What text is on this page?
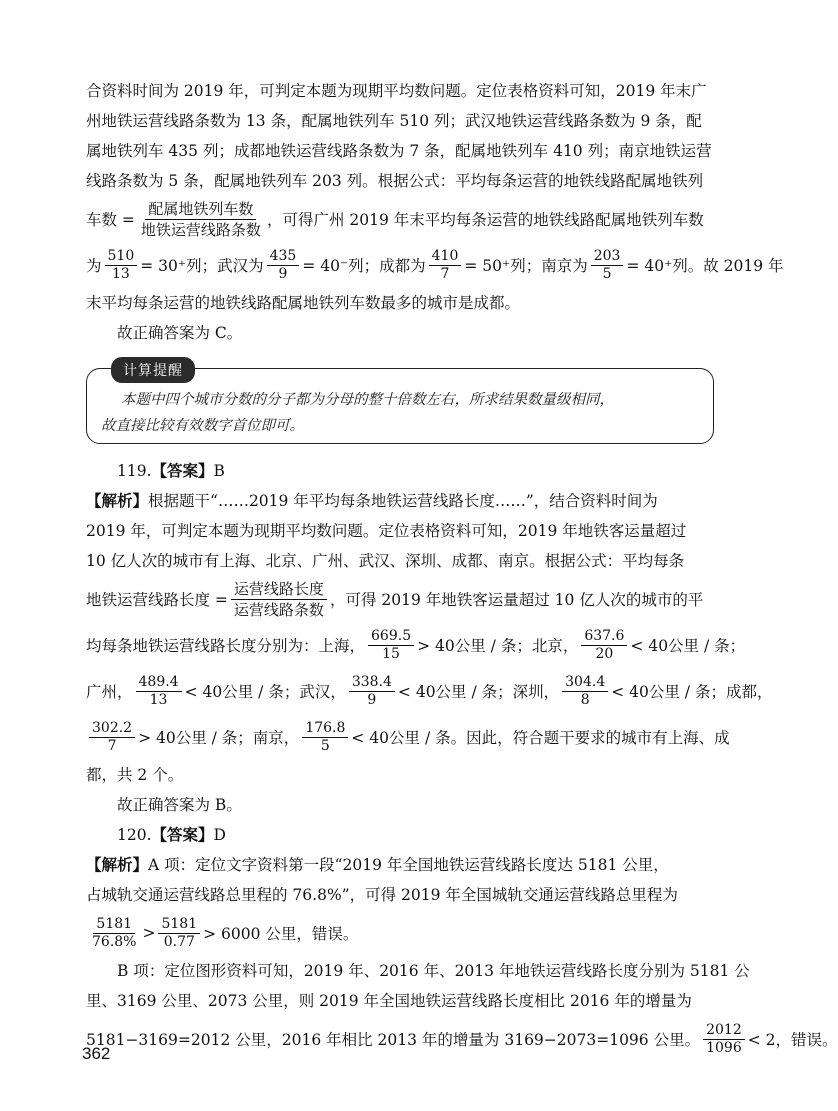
合资料时间为 2019 年，可判定本题为现期平均数问题。定位表格资料可知，2019 年末广
州地铁运营线路条数为 13 条，配属地铁列车 510 列；武汉地铁运营线路条数为 9 条，配
属地铁列车 435 列；成都地铁运营线路条数为 7 条，配属地铁列车 410 列；南京地铁运营
线路条数为 5 条，配属地铁列车 203 列。根据公式：平均每条运营的地铁线路配属地铁列
车数 = $\frac{\text{配属地铁列车数}}{\text{地铁运营线路条数}}$ ，可得广州 2019 年末平均每条运营的地铁线路配属地铁列车数
为 $\frac{510}{13} = 30^+$列；武汉为 $\frac{435}{9} = 40^-$列；成都为 $\frac{410}{7} = 50^+$列；南京为 $\frac{203}{5} = 40^+$列。故 2019 年
末平均每条运营的地铁线路配属地铁列车数最多的城市是成都。
故正确答案为 C。
计算提醒
本题中四个城市分数的分子都为分母的整十倍数左右，所求结果数量级相同，
故直接比较有效数字首位即可。
119.【答案】B
【解析】根据题干“……2019 年平均每条地铁运营线路长度……”，结合资料时间为
2019 年，可判定本题为现期平均数问题。定位表格资料可知，2019 年地铁客运量超过
10 亿人次的城市有上海、北京、广州、武汉、深圳、成都、南京。根据公式：平均每条
地铁运营线路长度 = $\frac{\text{运营线路长度}}{\text{运营线路条数}}$ ，可得 2019 年地铁客运量超过 10 亿人次的城市的平
均每条地铁运营线路长度分别为：上海， $\frac{669.5}{15} > 40$公里 / 条；北京， $\frac{637.6}{20} < 40$公里 / 条；
广州， $\frac{489.4}{13} < 40$公里 / 条；武汉， $\frac{338.4}{9} < 40$公里 / 条；深圳， $\frac{304.4}{8} < 40$公里 / 条；成都，
$\frac{302.2}{7} > 40$公里 / 条；南京， $\frac{176.8}{5} < 40$公里 / 条。因此，符合题干要求的城市有上海、成
都，共 2 个。
故正确答案为 B。
120.【答案】D
【解析】A 项：定位文字资料第一段“2019 年全国地铁运营线路长度达 5181 公里，
占城轨交通运营线路总里程的 76.8%”，可得 2019 年全国城轨交通运营线路总里程为
$\frac{5181}{76.8\%} > \frac{5181}{0.77} > 6000$ 公里，错误。
B 项：定位图形资料可知，2019 年、2016 年、2013 年地铁运营线路长度分别为 5181 公
里、3169 公里、2073 公里，则 2019 年全国地铁运营线路长度相比 2016 年的增量为
5181−3169=2012 公里，2016 年相比 2013 年的增量为 3169−2073=1096 公里。 $\frac{2012}{1096} < 2$，错误。
362
